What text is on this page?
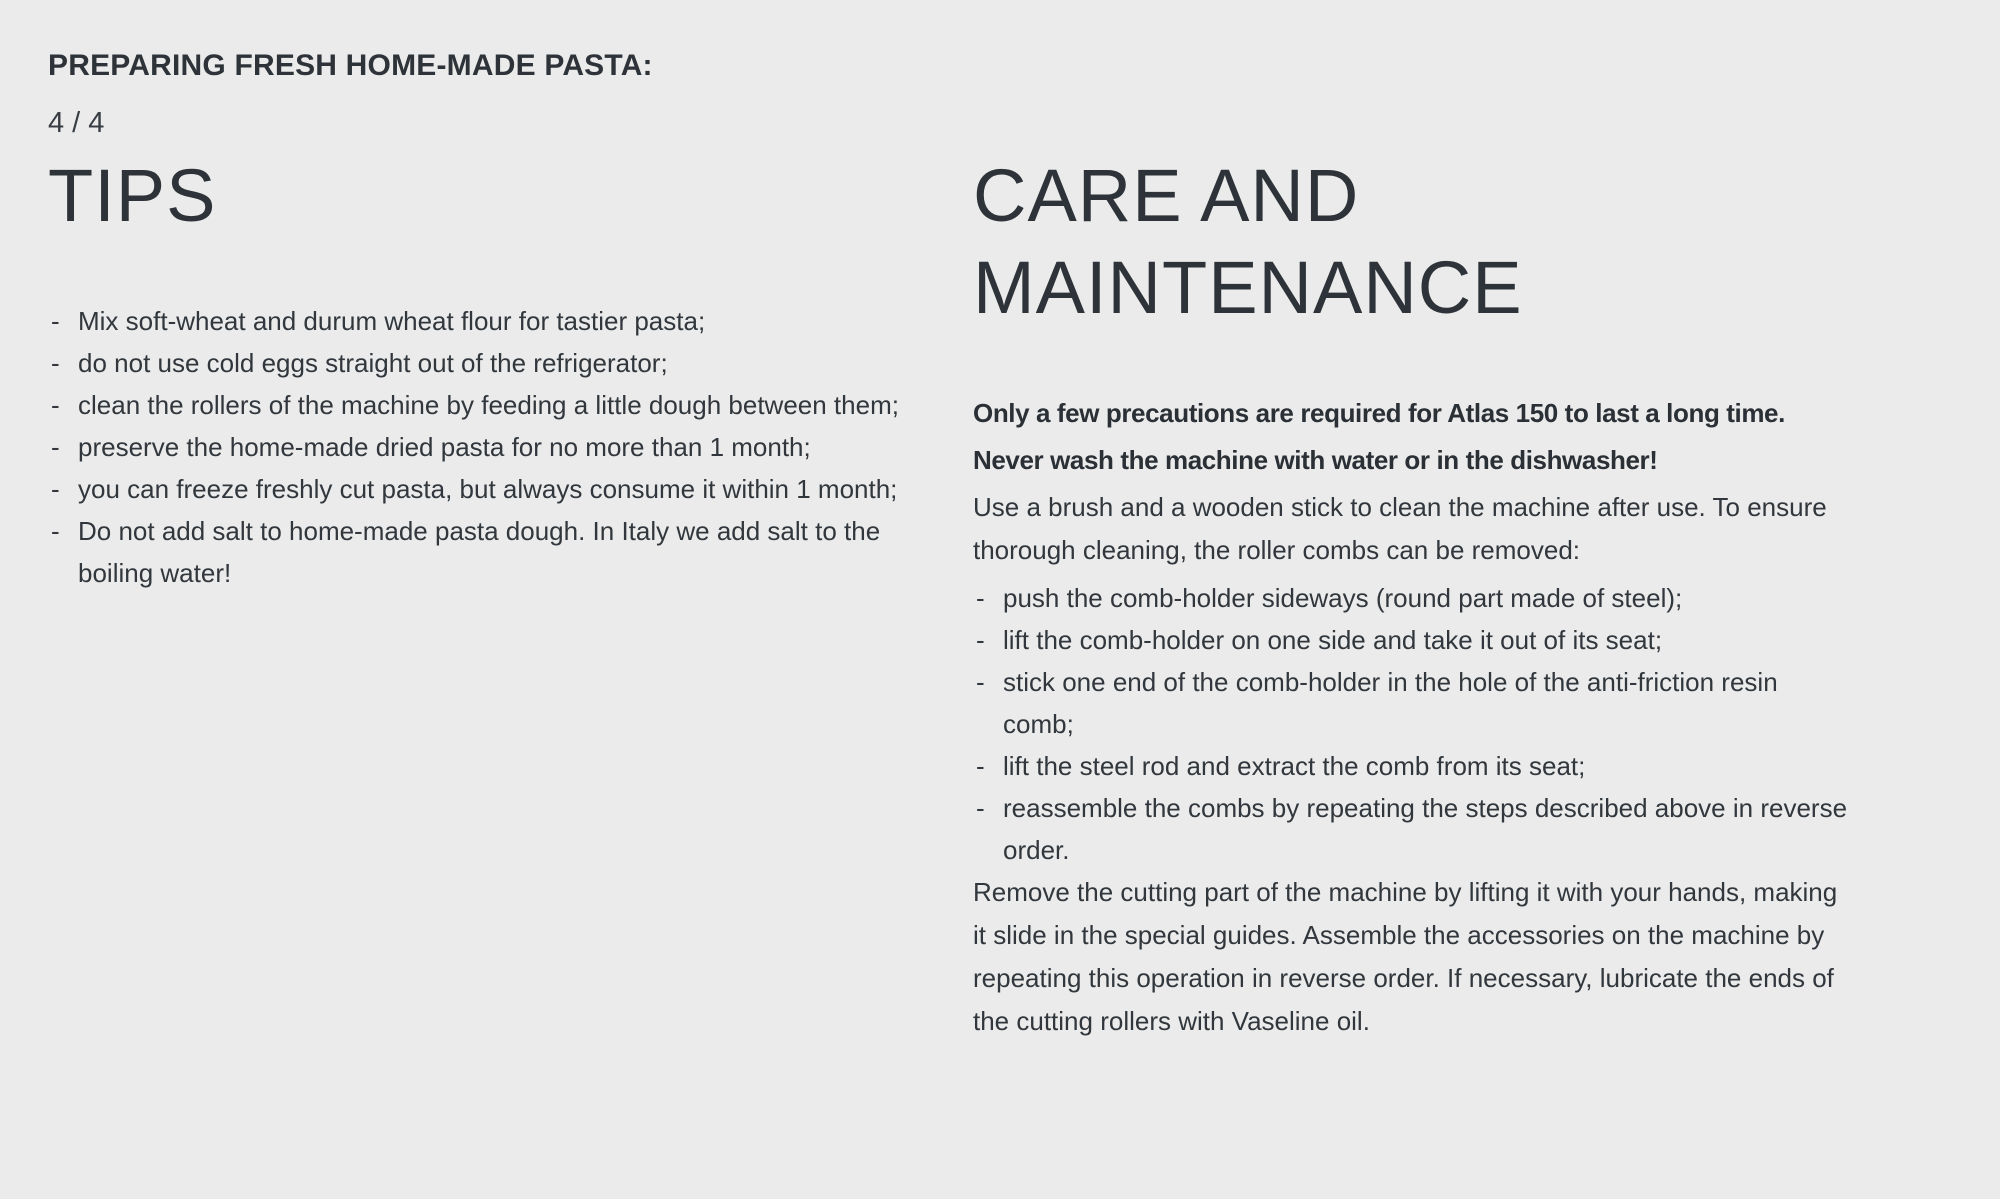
PREPARING FRESH HOME-MADE PASTA:
4 / 4
TIPS
- Mix soft-wheat and durum wheat flour for tastier pasta;
- do not use cold eggs straight out of the refrigerator;
- clean the rollers of the machine by feeding a little dough between them;
- preserve the home-made dried pasta for no more than 1 month;
- you can freeze freshly cut pasta, but always consume it within 1 month;
- Do not add salt to home-made pasta dough. In Italy we add salt to the boiling water!
CARE AND MAINTENANCE

Only a few precautions are required for Atlas 150 to last a long time.

Never wash the machine with water or in the dishwasher!

Use a brush and a wooden stick to clean the machine after use. To ensure thorough cleaning, the roller combs can be removed:

- push the comb-holder sideways (round part made of steel);
- lift the comb-holder on one side and take it out of its seat;
- stick one end of the comb-holder in the hole of the anti-friction resin comb;
- lift the steel rod and extract the comb from its seat;
- reassemble the combs by repeating the steps described above in reverse order.

Remove the cutting part of the machine by lifting it with your hands, making it slide in the special guides. Assemble the accessories on the machine by repeating this operation in reverse order. If necessary, lubricate the ends of the cutting rollers with Vaseline oil.
